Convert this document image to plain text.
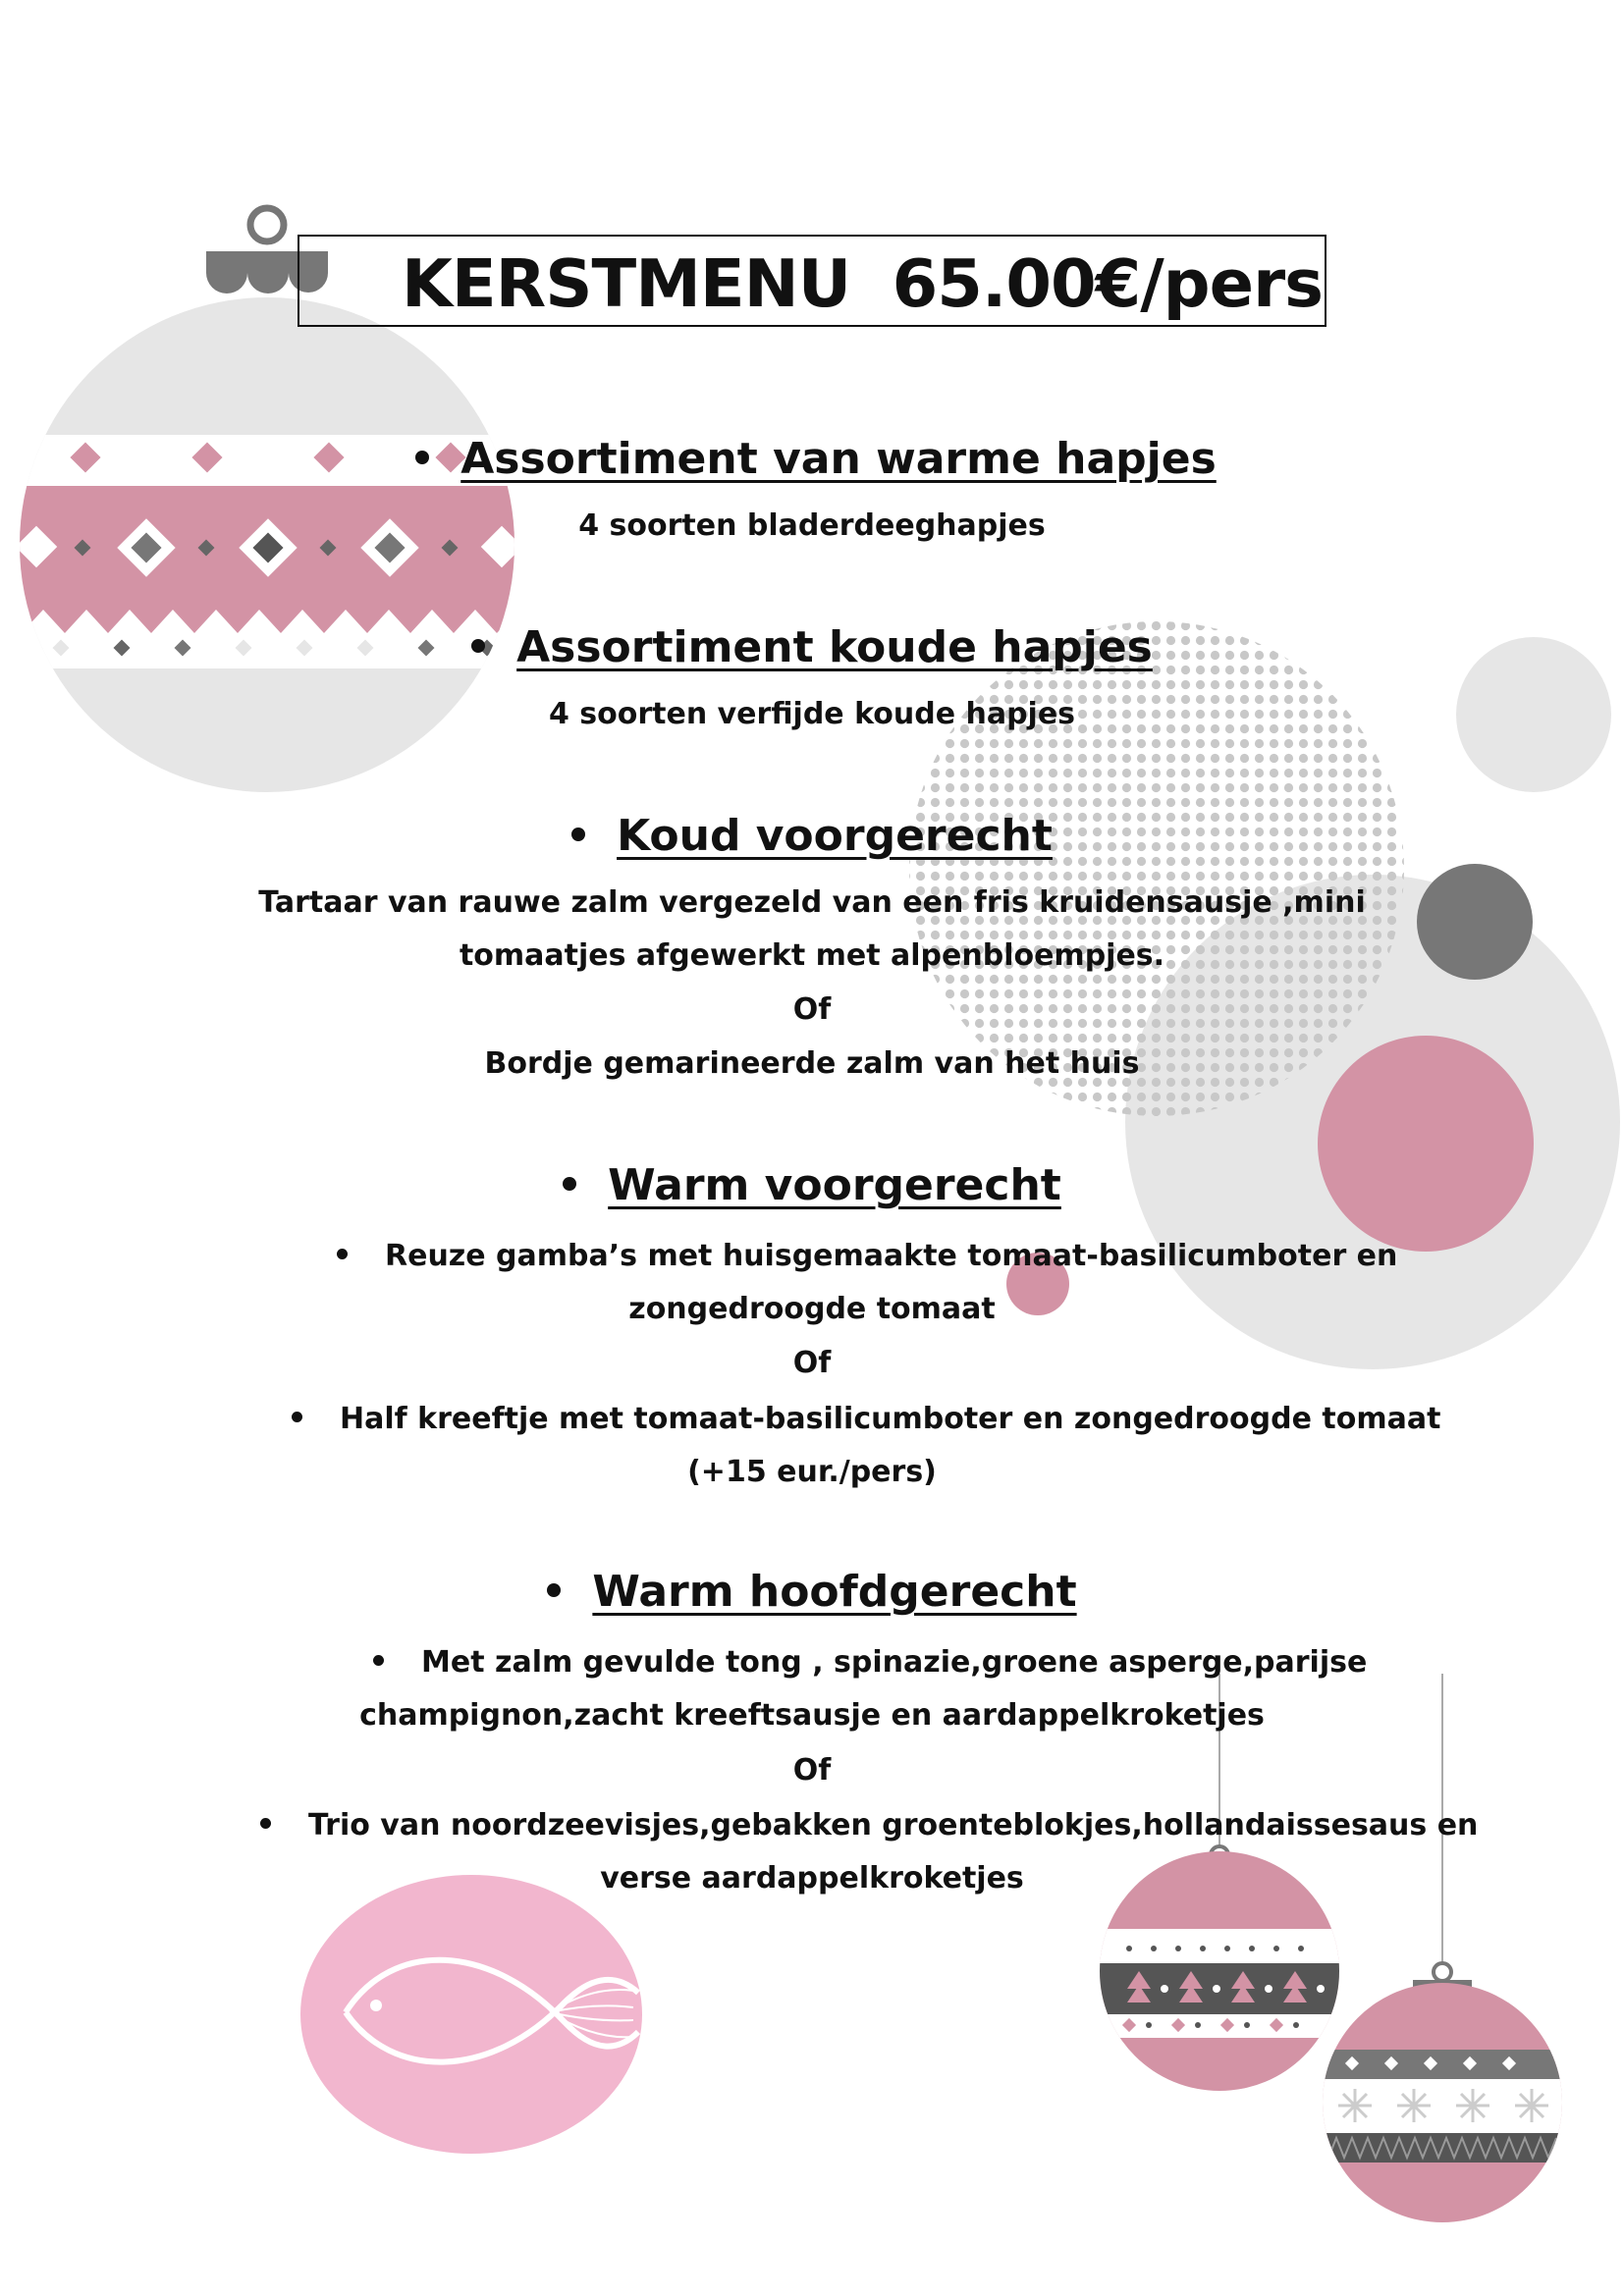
KERSTMENU 65.00€/pers
Assortiment van warme hapjes
4 soorten bladerdeeghapjes
Assortiment koude hapjes
4 soorten verfijde koude hapjes
Koud voorgerecht
Tartaar van rauwe zalm vergezeld van een fris kruidensausje ,mini
tomaatjes afgewerkt met alpenbloempjes.
Of
Bordje gemarineerde zalm van het huis
Warm voorgerecht
Reuze gamba’s met huisgemaakte tomaat-basilicumboter en
zongedroogde tomaat
Of
Half kreeftje met tomaat-basilicumboter en zongedroogde tomaat
(+15 eur./pers)
Warm hoofdgerecht
Met zalm gevulde tong , spinazie,groene asperge,parijse
champignon,zacht kreeftsausje en aardappelkroketjes
Of
Trio van noordzeevisjes,gebakken groenteblokjes,hollandaissesaus en
verse aardappelkroketjes
